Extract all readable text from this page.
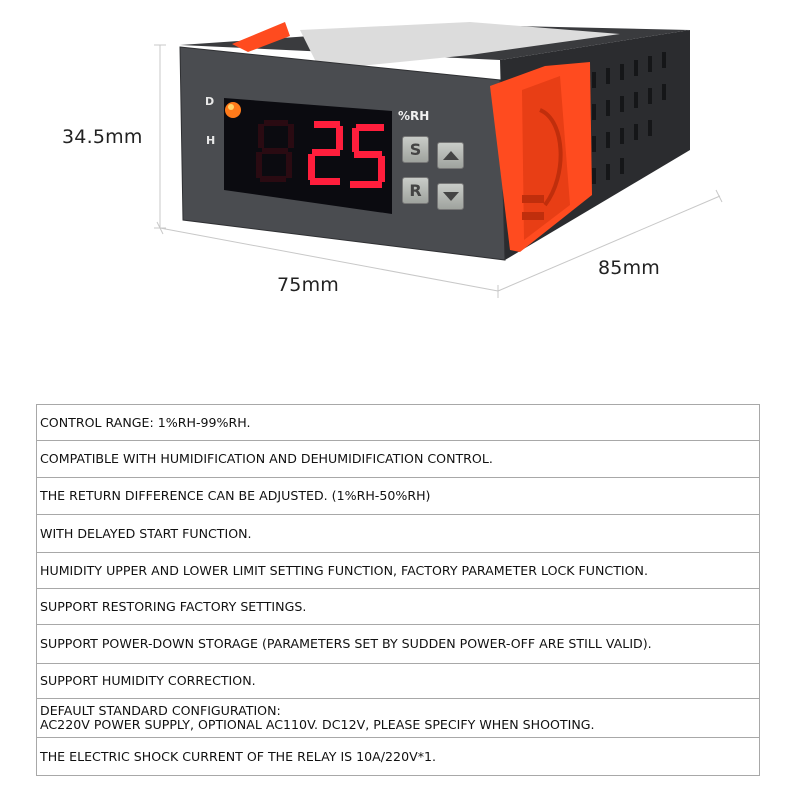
34.5mm
75mm
85mm
D
H
%RH
S
R
CONTROL RANGE: 1%RH-99%RH.
COMPATIBLE WITH HUMIDIFICATION AND DEHUMIDIFICATION CONTROL.
THE RETURN DIFFERENCE CAN BE ADJUSTED. (1%RH-50%RH)
WITH DELAYED START FUNCTION.
HUMIDITY UPPER AND LOWER LIMIT SETTING FUNCTION, FACTORY PARAMETER LOCK FUNCTION.
SUPPORT RESTORING FACTORY SETTINGS.
SUPPORT POWER-DOWN STORAGE (PARAMETERS SET BY SUDDEN POWER-OFF ARE STILL VALID).
SUPPORT HUMIDITY CORRECTION.

DEFAULT STANDARD CONFIGURATION:
AC220V POWER SUPPLY, OPTIONAL AC110V. DC12V, PLEASE SPECIFY WHEN SHOOTING.

THE ELECTRIC SHOCK CURRENT OF THE RELAY IS 10A/220V*1.
